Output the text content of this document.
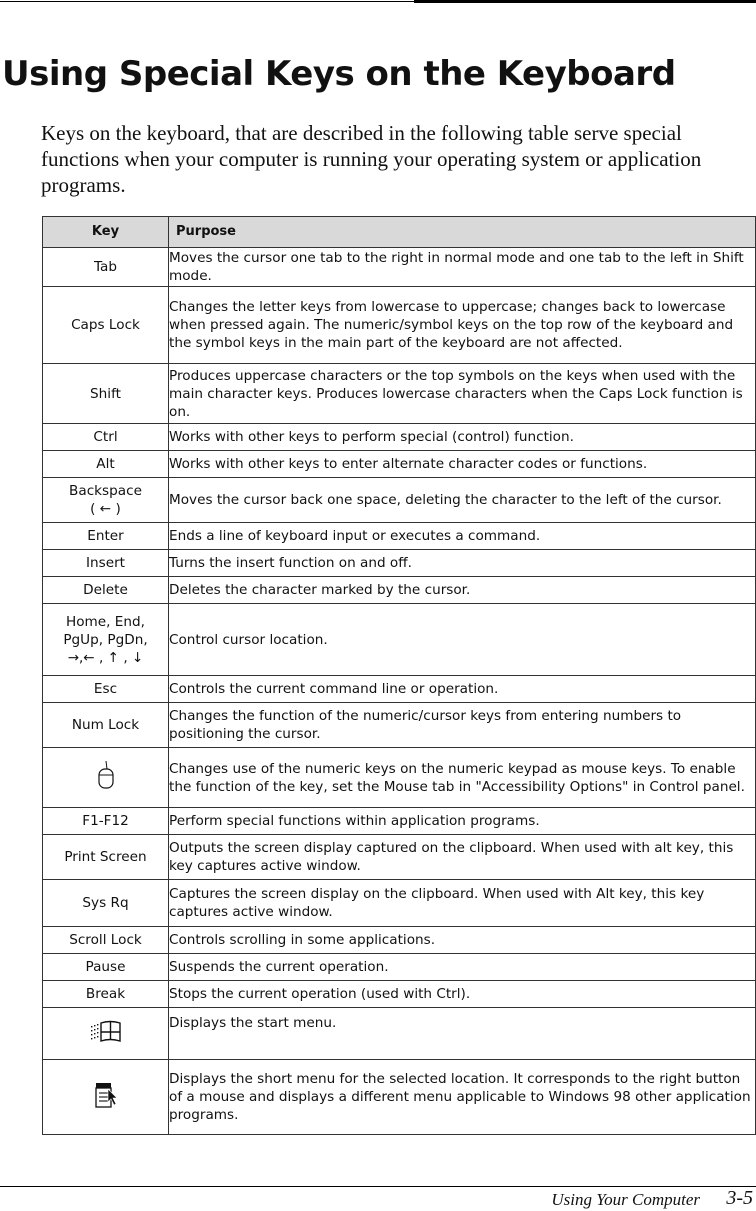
Using Special Keys on the Keyboard

Keys on the keyboard, that are described in the following table serve special functions when your computer is running your operating system or application programs.

Key	Purpose
Tab	Moves the cursor one tab to the right in normal mode and one tab to the left in Shift mode.
Caps Lock	Changes the letter keys from lowercase to uppercase; changes back to lowercase when pressed again. The numeric/symbol keys on the top row of the keyboard and the symbol keys in the main part of the keyboard are not affected.
Shift	Produces uppercase characters or the top symbols on the keys when used with the main character keys. Produces lowercase characters when the Caps Lock function is on.
Ctrl	Works with other keys to perform special (control) function.
Alt	Works with other keys to enter alternate character codes or functions.
Backspace
( ← )	Moves the cursor back one space, deleting the character to the left of the cursor.
Enter	Ends a line of keyboard input or executes a command.
Insert	Turns the insert function on and off.
Delete	Deletes the character marked by the cursor.
Home, End,
PgUp, PgDn,
→,← , ↑ , ↓	Control cursor location.
Esc	Controls the current command line or operation.
Num Lock	Changes the function of the numeric/cursor keys from entering numbers to positioning the cursor.
	Changes use of the numeric keys on the numeric keypad as mouse keys. To enable the function of the key, set the Mouse tab in "Accessibility Options" in Control panel.
F1-F12	Perform special functions within application programs.
Print Screen	Outputs the screen display captured on the clipboard. When used with alt key, this key captures active window.
Sys Rq	Captures the screen display on the clipboard. When used with Alt key, this key captures active window.
Scroll Lock	Controls scrolling in some applications.
Pause	Suspends the current operation.
Break	Stops the current operation (used with Ctrl).
	Displays the start menu.
	Displays the short menu for the selected location. It corresponds to the right button of a mouse and displays a different menu applicable to Windows 98 other application programs.

Using Your Computer 3-5
